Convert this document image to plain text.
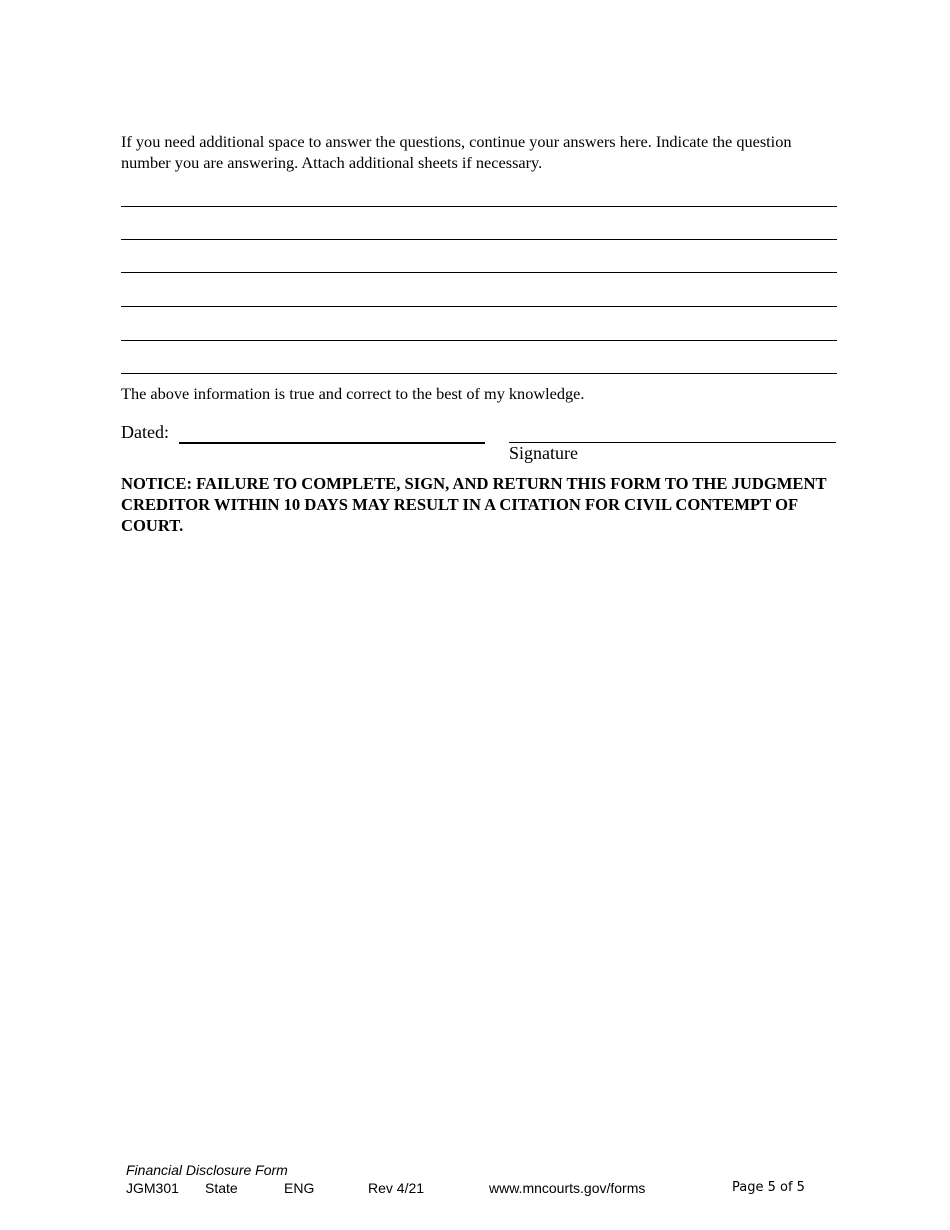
If you need additional space to answer the questions, continue your answers here. Indicate the question number you are answering. Attach additional sheets if necessary.
The above information is true and correct to the best of my knowledge.
Dated:
Signature
NOTICE: FAILURE TO COMPLETE, SIGN, AND RETURN THIS FORM TO THE JUDGMENT CREDITOR WITHIN 10 DAYS MAY RESULT IN A CITATION FOR CIVIL CONTEMPT OF COURT.
Financial Disclosure Form
JGM301 State	ENG	Rev 4/21	www.mncourts.gov/forms	Page 5 of 5
